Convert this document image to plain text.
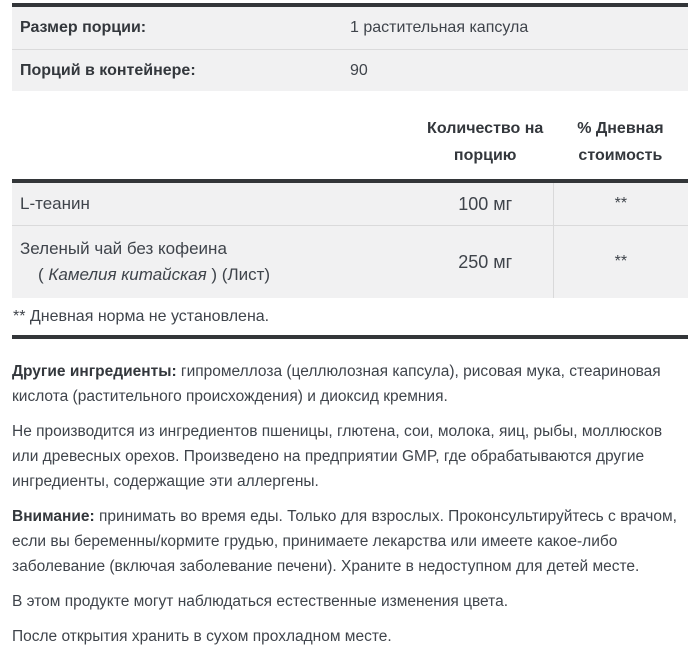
Размер порции:	1 растительная капсула
Порций в контейнере:	90
Количество на
порцию
% Дневная
стоимость
L-теанин	100 мг	**
Зеленый чай без кофеина
( Камелия китайская ) (Лист)
250 мг	**
** Дневная норма не установлена.

Другие ингредиенты: гипромеллоза (целлюлозная капсула), рисовая мука, стеариновая кислота (растительного происхождения) и диоксид кремния.

Не производится из ингредиентов пшеницы, глютена, сои, молока, яиц, рыбы, моллюсков или древесных орехов. Произведено на предприятии GMP, где обрабатываются другие ингредиенты, содержащие эти аллергены.

Внимание: принимать во время еды. Только для взрослых. Проконсультируйтесь с врачом, если вы беременны/кормите грудью, принимаете лекарства или имеете какое-либо заболевание (включая заболевание печени). Храните в недоступном для детей месте.

В этом продукте могут наблюдаться естественные изменения цвета.

После открытия хранить в сухом прохладном месте.
